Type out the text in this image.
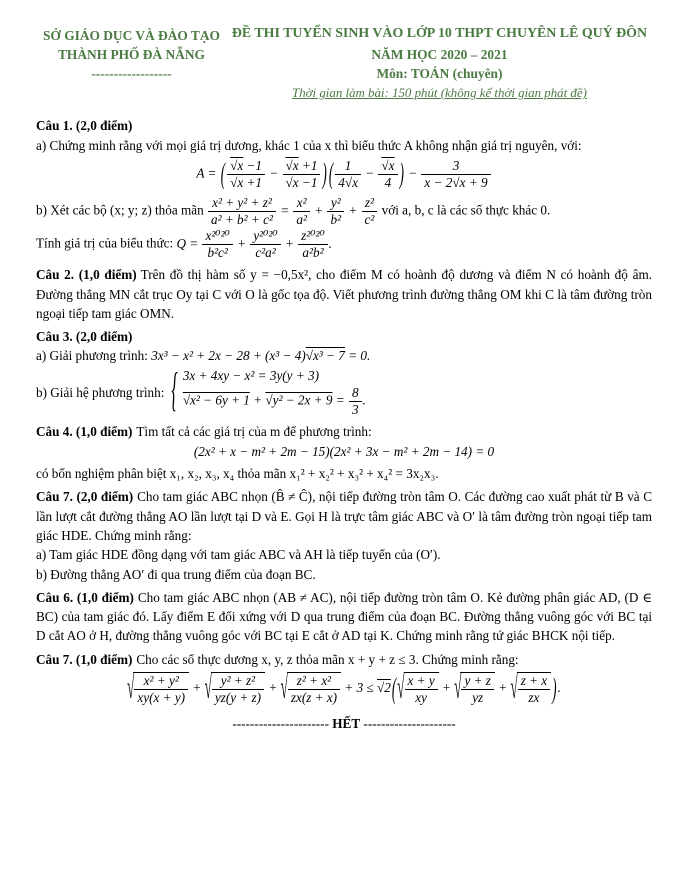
SỞ GIÁO DỤC VÀ ĐÀO TẠO
THÀNH PHỐ ĐÀ NẴNG
------------------
ĐỀ THI TUYỂN SINH VÀO LỚP 10 THPT CHUYÊN LÊ QUÝ ĐÔN
NĂM HỌC 2020 – 2021
Môn: TOÁN (chuyên)
Thời gian làm bài: 150 phút (không kể thời gian phát đề)

Câu 1. (2,0 điểm)

a) Chứng minh rằng với mọi giá trị dương, khác 1 của x thì biểu thức A không nhận giá trị nguyên, với:

A = ( $\frac{√x -1}{√x +1} - \frac{√x +1}{√x -1}$ ) ( $\frac{1}{4√x} - \frac{√x}{4}$ ) − $\frac{3}{x - 2√x + 9}$

b) Xét các bộ (x; y; z) thỏa mãn $\frac{\text{x² + y² + z²}}{\text{a² + b² + c²}} = \frac{\text{x²}}{\text{a²}} + \frac{\text{y²}}{\text{b²}} + \frac{\text{z²}}{\text{c²}}$ với a, b, c là các số thực khác 0.

Tính giá trị của biểu thức: $Q = \frac{\text{x²⁰²⁰}}{\text{b²c²}} + \frac{\text{y²⁰²⁰}}{\text{c²a²}} + \frac{\text{z²⁰²⁰}}{\text{a²b²}}$ .

Câu 2. (1,0 điểm) Trên đồ thị hàm số y = −0,5x², cho điểm M có hoành độ dương và điểm N có hoành độ âm. Đường thẳng MN cắt trục Oy tại C với O là gốc tọa độ. Viết phương trình đường thẳng OM khi C là tâm đường tròn ngoại tiếp tam giác OMN.

Câu 3. (2,0 điểm)

a) Giải phương trình: 3x³ − x² + 2x − 28 + (x³ − 4)√x³ − 7 = 0.

b) Giải hệ phương trình: { 3x + 4xy − x² = 3y(y + 3)
$√x^2 - 6y + 1 + √y^2 - 2x + 9 = \frac{8}{3}$ .

Câu 4. (1,0 điểm) Tìm tất cả các giá trị của m để phương trình:

(2x² + x − m² + 2m − 15)(2x² + 3x − m² + 2m − 14) = 0

có bốn nghiệm phân biệt x₁, x₂, x₃, x₄ thỏa mãn x₁² + x₂² + x₃² + x₄² = 3x₂x₃.

Câu 7. (2,0 điểm) Cho tam giác ABC nhọn (B̂ ≠ Ĉ), nội tiếp đường tròn tâm O. Các đường cao xuất phát từ B và C lần lượt cắt đường thẳng AO lần lượt tại D và E. Gọi H là trực tâm giác ABC và O′ là tâm đường tròn ngoại tiếp tam giác HDE. Chứng minh rằng:

a) Tam giác HDE đồng dạng với tam giác ABC và AH là tiếp tuyến của (O′).

b) Đường thẳng AO′ đi qua trung điểm của đoạn BC.

Câu 6. (1,0 điểm) Cho tam giác ABC nhọn (AB ≠ AC), nội tiếp đường tròn tâm O. Kẻ đường phân giác AD, (D ∈ BC) của tam giác đó. Lấy điểm E đối xứng với D qua trung điểm của đoạn BC. Đường thẳng vuông góc với BC tại D cắt AO ở H, đường thẳng vuông góc với BC tại E cắt ở AD tại K. Chứng minh rằng tứ giác BHCK nội tiếp.

Câu 7. (1,0 điểm) Cho các số thực dương x, y, z thỏa mãn x + y + z ≤ 3. Chứng minh rằng:

√ $\frac{\text{x² + y²}}{xy(x + y)}$ + √ $\frac{\text{y² + z²}}{yz(y + z)}$ + √ $\frac{\text{z² + x²}}{zx(z + x)} + 3 \le √2$( √ $\frac{x + y}{xy}$ + √ $\frac{y + z}{yz}$ + √ $\frac{z + x}{zx}$ ).
---------------------- HẾT ---------------------
